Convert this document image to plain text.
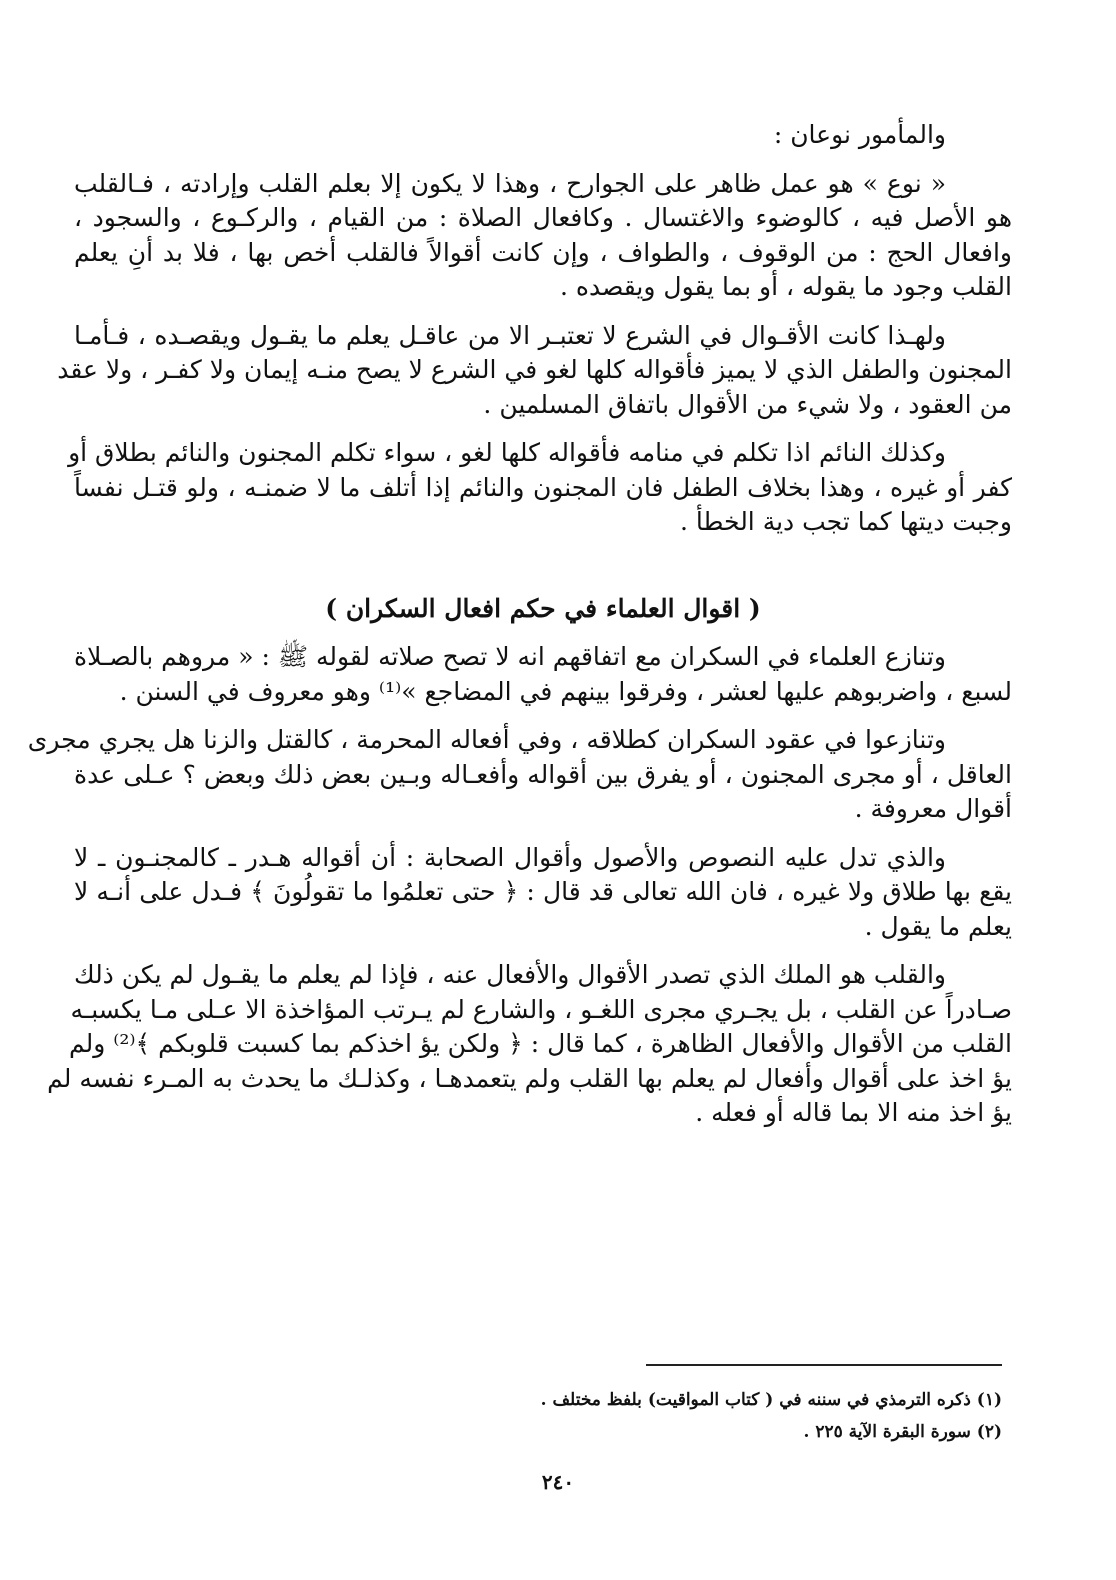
والمأمور نوعان :
« نوع » هو عمل ظاهر على الجوارح ، وهذا لا يكون إلا بعلم القلب وإرادته ، فـالقلب
هو الأصل فيه ، كالوضوء والاغتسال . وكافعال الصلاة : من القيام ، والركـوع ، والسجود ،
وافعال الحج : من الوقوف ، والطواف ، وإن كانت أقوالاً فالقلب أخص بها ، فلا بد أنِ يعلم
القلب وجود ما يقوله ، أو بما يقول ويقصده .
ولهـذا كانت الأقـوال في الشرع لا تعتبـر الا من عاقـل يعلم ما يقـول ويقصـده ، فـأمـا
المجنون والطفل الذي لا يميز فأقواله كلها لغو في الشرع لا يصح منـه إيمان ولا كفـر ، ولا عقد
من العقود ، ولا شيء من الأقوال باتفاق المسلمين .
وكذلك النائم اذا تكلم في منامه فأقواله كلها لغو ، سواء تكلم المجنون والنائم بطلاق أو
كفر أو غيره ، وهذا بخلاف الطفل فان المجنون والنائم إذا أتلف ما لا ضمنـه ، ولو قتـل نفساً
وجبت ديتها كما تجب دية الخطأ .
( اقوال العلماء في حكم افعال السكران )
وتنازع العلماء في السكران مع اتفاقهم انه لا تصح صلاته لقوله ﷺ : « مروهم بالصـلاة
لسبع ، واضربوهم عليها لعشر ، وفرقوا بينهم في المضاجع »⁽¹⁾ وهو معروف في السنن .
وتنازعوا في عقود السكران كطلاقه ، وفي أفعاله المحرمة ، كالقتل والزنا هل يجري مجرى
العاقل ، أو مجرى المجنون ، أو يفرق بين أقواله وأفعـاله وبـين بعض ذلك وبعض ؟ عـلى عدة
أقوال معروفة .
والذي تدل عليه النصوص والأصول وأقوال الصحابة : أن أقواله هـدر ـ كالمجنـون ـ لا
يقع بها طلاق ولا غيره ، فان الله تعالى قد قال : ﴿ حتى تعلمُوا ما تقولُونَ ﴾ فـدل على أنـه لا
يعلم ما يقول .
والقلب هو الملك الذي تصدر الأقوال والأفعال عنه ، فإذا لم يعلم ما يقـول لم يكن ذلك
صـادراً عن القلب ، بل يجـري مجرى اللغـو ، والشارع لم يـرتب المؤاخذة الا عـلى مـا يكسبـه
القلب من الأقوال والأفعال الظاهرة ، كما قال : ﴿ ولكن يؤ اخذكم بما كسبت قلوبكم ﴾⁽²⁾ ولم
يؤ اخذ على أقوال وأفعال لم يعلم بها القلب ولم يتعمدهـا ، وكذلـك ما يحدث به المـرء نفسه لم
يؤ اخذ منه الا بما قاله أو فعله .
(١) ذكره الترمذي في سننه في ( كتاب المواقيت) بلفظ مختلف .
(٢) سورة البقرة الآية ٢٢٥ .
٢٤٠
